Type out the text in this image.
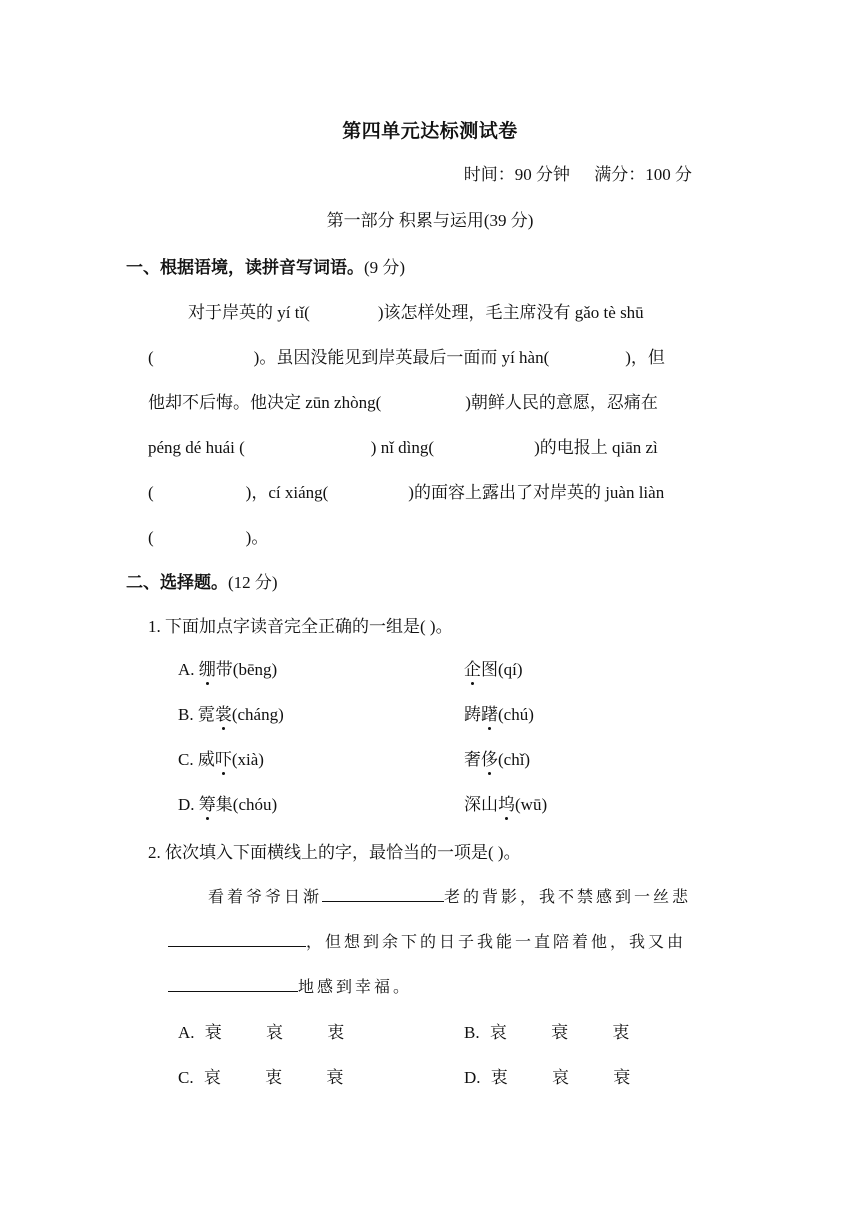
第四单元达标测试卷
时间：90 分钟 满分：100 分
第一部分 积累与运用(39 分)
一、根据语境，读拼音写词语。(9 分)
对于岸英的 yí tǐ(	)该怎样处理，毛主席没有 gǎo tè shū
(	)。虽因没能见到岸英最后一面而 yí hàn(	)，但
他却不后悔。他决定 zūn zhòng(	)朝鲜人民的意愿，忍痛在
péng dé huái (	) nǐ dìng(	)的电报上 qiān zì
(	)，cí xiáng(	)的面容上露出了对岸英的 juàn liàn
(	)。
二、选择题。(12 分)
1. 下面加点字读音完全正确的一组是( )。
A. 绷带(bēng)	企图(qí)
B. 霓裳(cháng)	踌躇(chú)
C. 威吓(xià)	奢侈(chǐ)
D. 筹集(chóu)	深山坞(wū)
2. 依次填入下面横线上的字，最恰当的一项是( )。
看着爷爷日渐	老的背影，我不禁感到一丝悲
，但想到余下的日子我能一直陪着他，我又由
地感到幸福。
A. 衰	哀	衷	B. 哀	衰	衷
C. 哀	衷	衰	D. 衷	哀	衰
